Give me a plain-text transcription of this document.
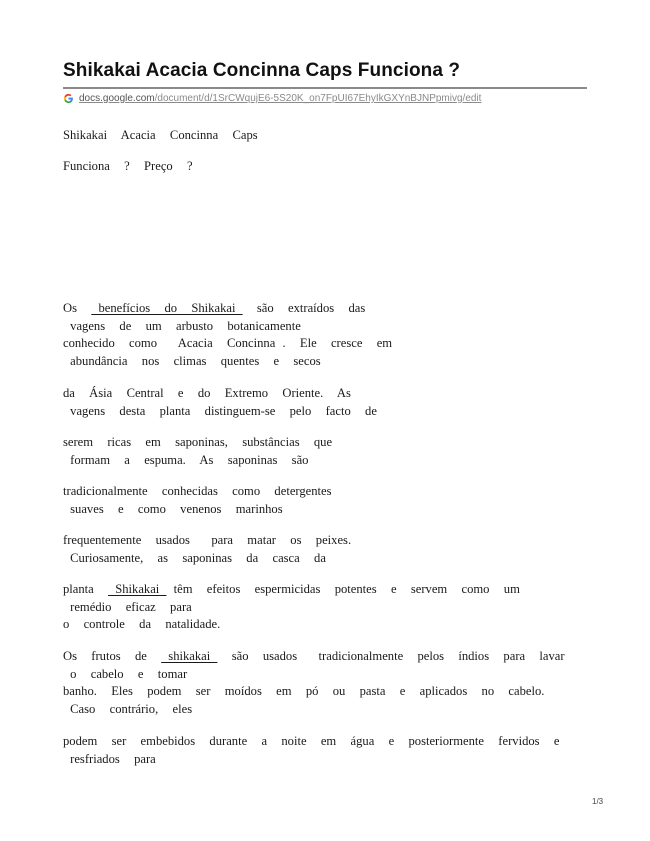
Shikakai Acacia Concinna Caps Funciona ?
docs.google.com/document/d/1SrCWqujE6-5S20K_on7FpUI67EhyIkGXYnBJNPpmivg/edit
Shikakai  Acacia  Concinna  Caps
Funciona  ?  Preço  ?
Os   benefícios  do  Shikakai   são  extraídos  das
vagens  de  um  arbusto  botanicamente
conhecido  como   Acacia  Concinna .  Ele  cresce  em
abundância  nos  climas  quentes  e  secos
da  Ásia  Central  e  do  Extremo  Oriente.  As
vagens  desta  planta  distinguem-se  pelo  facto  de
serem  ricas  em  saponinas,  substâncias  que
formam  a  espuma.  As  saponinas  são
tradicionalmente  conhecidas  como  detergentes
suaves  e  como  venenos  marinhos
frequentemente  usados   para  matar  os  peixes.
Curiosamente,  as  saponinas  da  casca  da
planta   Shikakai  têm  efeitos  espermicidas  potentes  e  servem  como  um
remédio  eficaz  para
o  controle  da  natalidade.
Os  frutos  de   shikakai   são  usados   tradicionalmente  pelos  índios  para  lavar
o  cabelo  e  tomar
banho.  Eles  podem  ser  moídos  em  pó  ou  pasta  e  aplicados  no  cabelo.
Caso  contrário,  eles
podem  ser  embebidos  durante  a  noite  em  água  e  posteriormente  fervidos  e
resfriados  para
1/3
